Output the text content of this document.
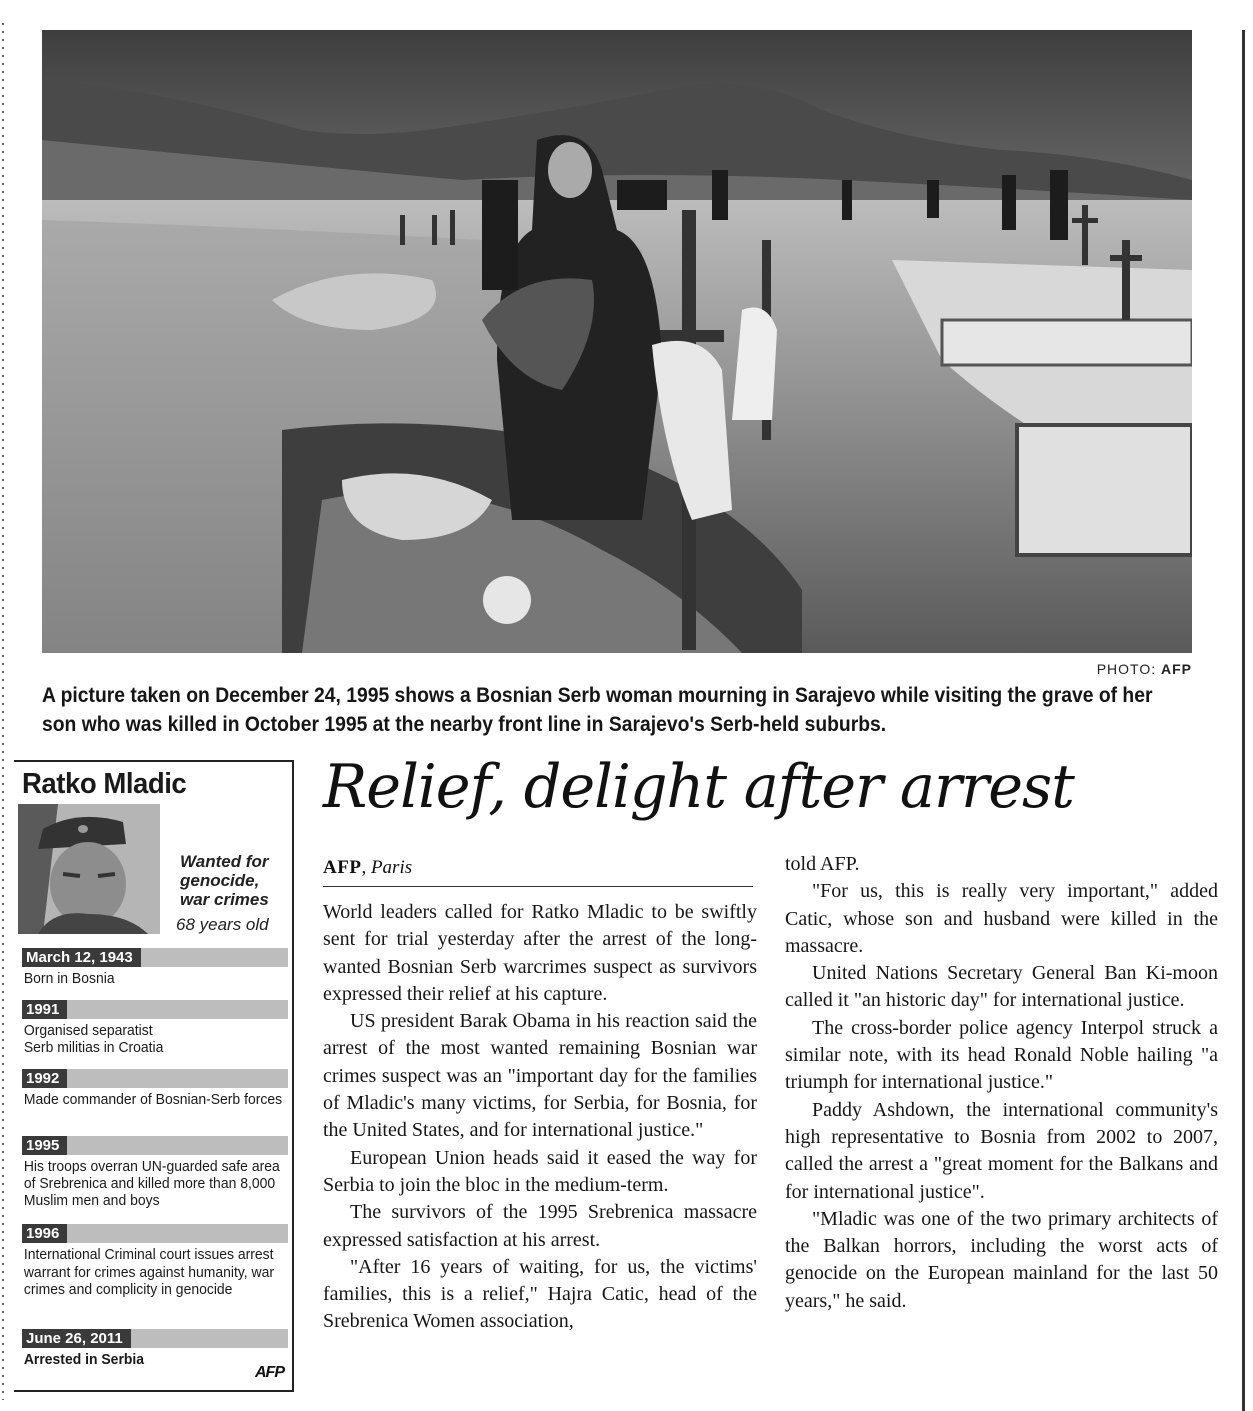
PHOTO: AFP
A picture taken on December 24, 1995 shows a Bosnian Serb woman mourning in Sarajevo while visiting the grave of her son who was killed in October 1995 at the nearby front line in Sarajevo's Serb-held suburbs.
Ratko Mladic
Wanted for
genocide,
war crimes
68 years old
March 12, 1943
Born in Bosnia
1991
Organised separatist Serb militias in Croatia
1992
Made commander of Bosnian-Serb forces
1995
His troops overran UN-guarded safe area of Srebrenica and killed more than 8,000 Muslim men and boys
1996
International Criminal court issues arrest warrant for crimes against humanity, war crimes and complicity in genocide
June 26, 2011
Arrested in Serbia
AFP
Relief, delight after arrest
AFP, Paris

World leaders called for Ratko Mladic to be swiftly sent for trial yesterday after the arrest of the long-wanted Bosnian Serb warcrimes suspect as survivors expressed their relief at his capture.

US president Barak Obama in his reaction said the arrest of the most wanted remaining Bosnian war crimes suspect was an "important day for the families of Mladic's many victims, for Serbia, for Bosnia, for the United States, and for international justice."

European Union heads said it eased the way for Serbia to join the bloc in the medium-term.

The survivors of the 1995 Srebrenica massacre expressed satisfaction at his arrest.

"After 16 years of waiting, for us, the victims' families, this is a relief," Hajra Catic, head of the Srebrenica Women association,

told AFP.

"For us, this is really very important," added Catic, whose son and husband were killed in the massacre.

United Nations Secretary General Ban Ki-moon called it "an historic day" for international justice.

The cross-border police agency Interpol struck a similar note, with its head Ronald Noble hailing "a triumph for international justice."

Paddy Ashdown, the international community's high representative to Bosnia from 2002 to 2007, called the arrest a "great moment for the Balkans and for international justice".

"Mladic was one of the two primary architects of the Balkan horrors, including the worst acts of genocide on the European mainland for the last 50 years," he said.
